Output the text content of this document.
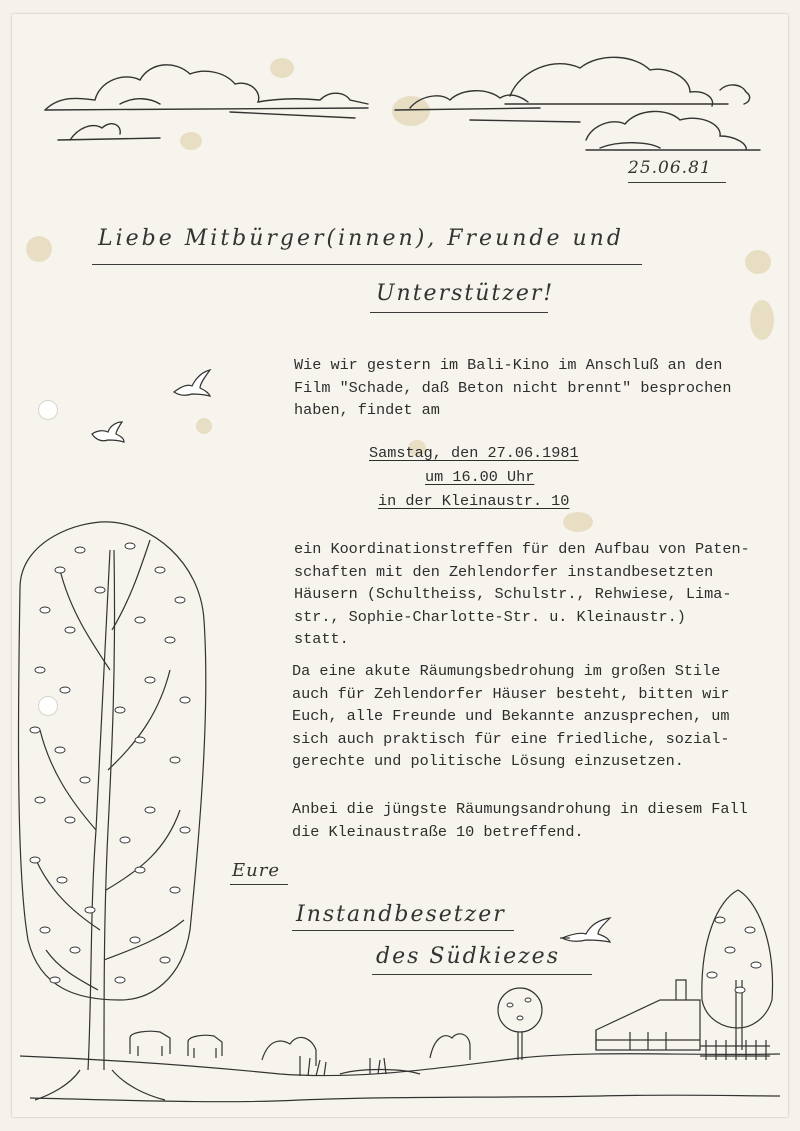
25.06.81
Liebe Mitbürger(innen), Freunde und
Unterstützer!
Wie wir gestern im Bali-Kino im Anschluß an den
Film "Schade, daß Beton nicht brennt" besprochen
haben, findet am
Samstag, den 27.06.1981
um 16.00 Uhr
in der Kleinaustr. 10
ein Koordinationstreffen für den Aufbau von Paten-
schaften mit den Zehlendorfer instandbesetzten
Häusern (Schultheiss, Schulstr., Rehwiese, Lima-
str., Sophie-Charlotte-Str. u. Kleinaustr.)
statt.
Da eine akute Räumungsbedrohung im großen Stile
auch für Zehlendorfer Häuser besteht, bitten wir
Euch, alle Freunde und Bekannte anzusprechen, um
sich auch praktisch für eine friedliche, sozial-
gerechte und politische Lösung einzusetzen.
Anbei die jüngste Räumungsandrohung in diesem Fall
die Kleinaustraße 10 betreffend.
Eure
Instandbesetzer
des Südkiezes
